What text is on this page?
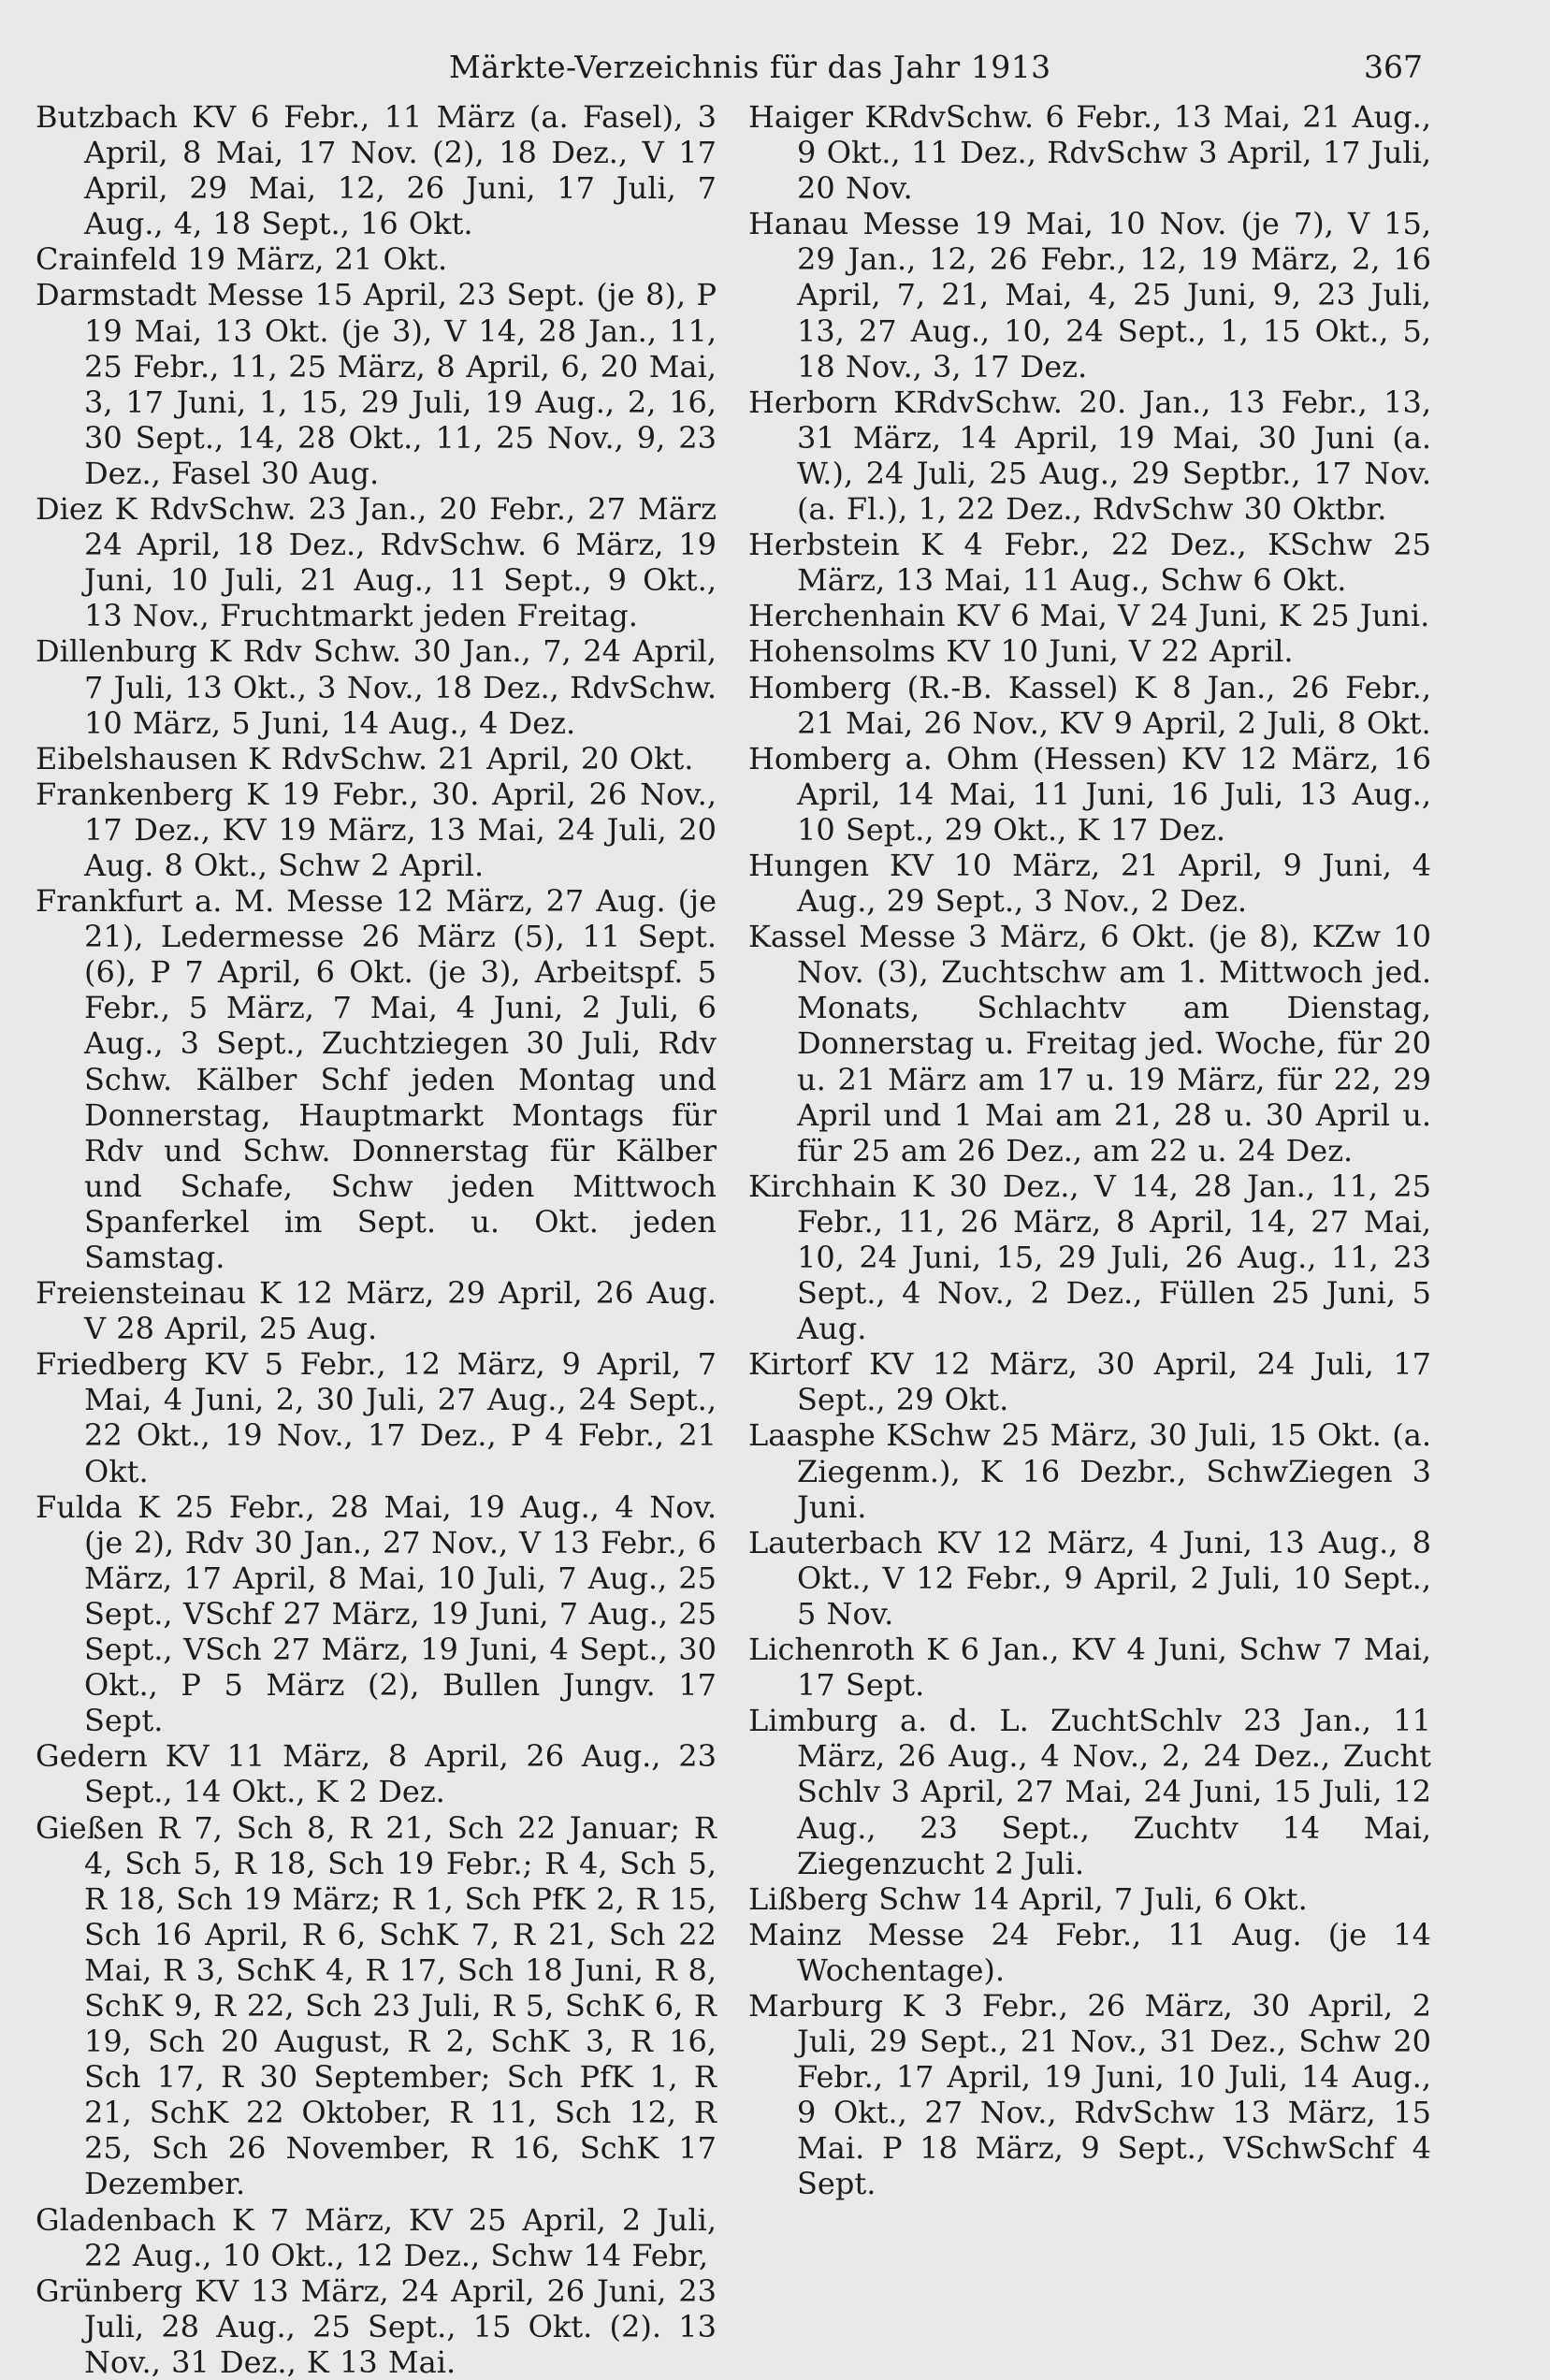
Märkte-Verzeichnis für das Jahr 1913	367

Butzbach KV 6 Febr., 11 März (a. Fasel), 3 April, 8 Mai, 17 Nov. (2), 18 Dez., V 17 April, 29 Mai, 12, 26 Juni, 17 Juli, 7 Aug., 4, 18 Sept., 16 Okt.

Crainfeld 19 März, 21 Okt.

Darmstadt Messe 15 April, 23 Sept. (je 8), P 19 Mai, 13 Okt. (je 3), V 14, 28 Jan., 11, 25 Febr., 11, 25 März, 8 April, 6, 20 Mai, 3, 17 Juni, 1, 15, 29 Juli, 19 Aug., 2, 16, 30 Sept., 14, 28 Okt., 11, 25 Nov., 9, 23 Dez., Fasel 30 Aug.

Diez K RdvSchw. 23 Jan., 20 Febr., 27 März 24 April, 18 Dez., RdvSchw. 6 März, 19 Juni, 10 Juli, 21 Aug., 11 Sept., 9 Okt., 13 Nov., Fruchtmarkt jeden Freitag.

Dillenburg K Rdv Schw. 30 Jan., 7, 24 April, 7 Juli, 13 Okt., 3 Nov., 18 Dez., RdvSchw. 10 März, 5 Juni, 14 Aug., 4 Dez.

Eibelshausen K RdvSchw. 21 April, 20 Okt.

Frankenberg K 19 Febr., 30. April, 26 Nov., 17 Dez., KV 19 März, 13 Mai, 24 Juli, 20 Aug. 8 Okt., Schw 2 April.

Frankfurt a. M. Messe 12 März, 27 Aug. (je 21), Ledermesse 26 März (5), 11 Sept. (6), P 7 April, 6 Okt. (je 3), Arbeitspf. 5 Febr., 5 März, 7 Mai, 4 Juni, 2 Juli, 6 Aug., 3 Sept., Zuchtziegen 30 Juli, Rdv Schw. Kälber Schf jeden Montag und Donnerstag, Hauptmarkt Montags für Rdv und Schw. Donnerstag für Kälber und Schafe, Schw jeden Mittwoch Spanferkel im Sept. u. Okt. jeden Samstag.

Freiensteinau K 12 März, 29 April, 26 Aug. V 28 April, 25 Aug.

Friedberg KV 5 Febr., 12 März, 9 April, 7 Mai, 4 Juni, 2, 30 Juli, 27 Aug., 24 Sept., 22 Okt., 19 Nov., 17 Dez., P 4 Febr., 21 Okt.

Fulda K 25 Febr., 28 Mai, 19 Aug., 4 Nov. (je 2), Rdv 30 Jan., 27 Nov., V 13 Febr., 6 März, 17 April, 8 Mai, 10 Juli, 7 Aug., 25 Sept., VSchf 27 März, 19 Juni, 7 Aug., 25 Sept., VSch 27 März, 19 Juni, 4 Sept., 30 Okt., P 5 März (2), Bullen Jungv. 17 Sept.

Gedern KV 11 März, 8 April, 26 Aug., 23 Sept., 14 Okt., K 2 Dez.

Gießen R 7, Sch 8, R 21, Sch 22 Januar; R 4, Sch 5, R 18, Sch 19 Febr.; R 4, Sch 5, R 18, Sch 19 März; R 1, Sch PfK 2, R 15, Sch 16 April, R 6, SchK 7, R 21, Sch 22 Mai, R 3, SchK 4, R 17, Sch 18 Juni, R 8, SchK 9, R 22, Sch 23 Juli, R 5, SchK 6, R 19, Sch 20 August, R 2, SchK 3, R 16, Sch 17, R 30 September; Sch PfK 1, R 21, SchK 22 Oktober, R 11, Sch 12, R 25, Sch 26 November, R 16, SchK 17 Dezember.

Gladenbach K 7 März, KV 25 April, 2 Juli, 22 Aug., 10 Okt., 12 Dez., Schw 14 Febr,

Grünberg KV 13 März, 24 April, 26 Juni, 23 Juli, 28 Aug., 25 Sept., 15 Okt. (2). 13 Nov., 31 Dez., K 13 Mai.

Haiger KRdvSchw. 6 Febr., 13 Mai, 21 Aug., 9 Okt., 11 Dez., RdvSchw 3 April, 17 Juli, 20 Nov.

Hanau Messe 19 Mai, 10 Nov. (je 7), V 15, 29 Jan., 12, 26 Febr., 12, 19 März, 2, 16 April, 7, 21, Mai, 4, 25 Juni, 9, 23 Juli, 13, 27 Aug., 10, 24 Sept., 1, 15 Okt., 5, 18 Nov., 3, 17 Dez.

Herborn KRdvSchw. 20. Jan., 13 Febr., 13, 31 März, 14 April, 19 Mai, 30 Juni (a. W.), 24 Juli, 25 Aug., 29 Septbr., 17 Nov. (a. Fl.), 1, 22 Dez., RdvSchw 30 Oktbr.

Herbstein K 4 Febr., 22 Dez., KSchw 25 März, 13 Mai, 11 Aug., Schw 6 Okt.

Herchenhain KV 6 Mai, V 24 Juni, K 25 Juni.

Hohensolms KV 10 Juni, V 22 April.

Homberg (R.-B. Kassel) K 8 Jan., 26 Febr., 21 Mai, 26 Nov., KV 9 April, 2 Juli, 8 Okt.

Homberg a. Ohm (Hessen) KV 12 März, 16 April, 14 Mai, 11 Juni, 16 Juli, 13 Aug., 10 Sept., 29 Okt., K 17 Dez.

Hungen KV 10 März, 21 April, 9 Juni, 4 Aug., 29 Sept., 3 Nov., 2 Dez.

Kassel Messe 3 März, 6 Okt. (je 8), KZw 10 Nov. (3), Zuchtschw am 1. Mittwoch jed. Monats, Schlachtv am Dienstag, Donnerstag u. Freitag jed. Woche, für 20 u. 21 März am 17 u. 19 März, für 22, 29 April und 1 Mai am 21, 28 u. 30 April u. für 25 am 26 Dez., am 22 u. 24 Dez.

Kirchhain K 30 Dez., V 14, 28 Jan., 11, 25 Febr., 11, 26 März, 8 April, 14, 27 Mai, 10, 24 Juni, 15, 29 Juli, 26 Aug., 11, 23 Sept., 4 Nov., 2 Dez., Füllen 25 Juni, 5 Aug.

Kirtorf KV 12 März, 30 April, 24 Juli, 17 Sept., 29 Okt.

Laasphe KSchw 25 März, 30 Juli, 15 Okt. (a. Ziegenm.), K 16 Dezbr., SchwZiegen 3 Juni.

Lauterbach KV 12 März, 4 Juni, 13 Aug., 8 Okt., V 12 Febr., 9 April, 2 Juli, 10 Sept., 5 Nov.

Lichenroth K 6 Jan., KV 4 Juni, Schw 7 Mai, 17 Sept.

Limburg a. d. L. ZuchtSchlv 23 Jan., 11 März, 26 Aug., 4 Nov., 2, 24 Dez., Zucht Schlv 3 April, 27 Mai, 24 Juni, 15 Juli, 12 Aug., 23 Sept., Zuchtv 14 Mai, Ziegenzucht 2 Juli.

Lißberg Schw 14 April, 7 Juli, 6 Okt.

Mainz Messe 24 Febr., 11 Aug. (je 14 Wochentage).

Marburg K 3 Febr., 26 März, 30 April, 2 Juli, 29 Sept., 21 Nov., 31 Dez., Schw 20 Febr., 17 April, 19 Juni, 10 Juli, 14 Aug., 9 Okt., 27 Nov., RdvSchw 13 März, 15 Mai. P 18 März, 9 Sept., VSchwSchf 4 Sept.
